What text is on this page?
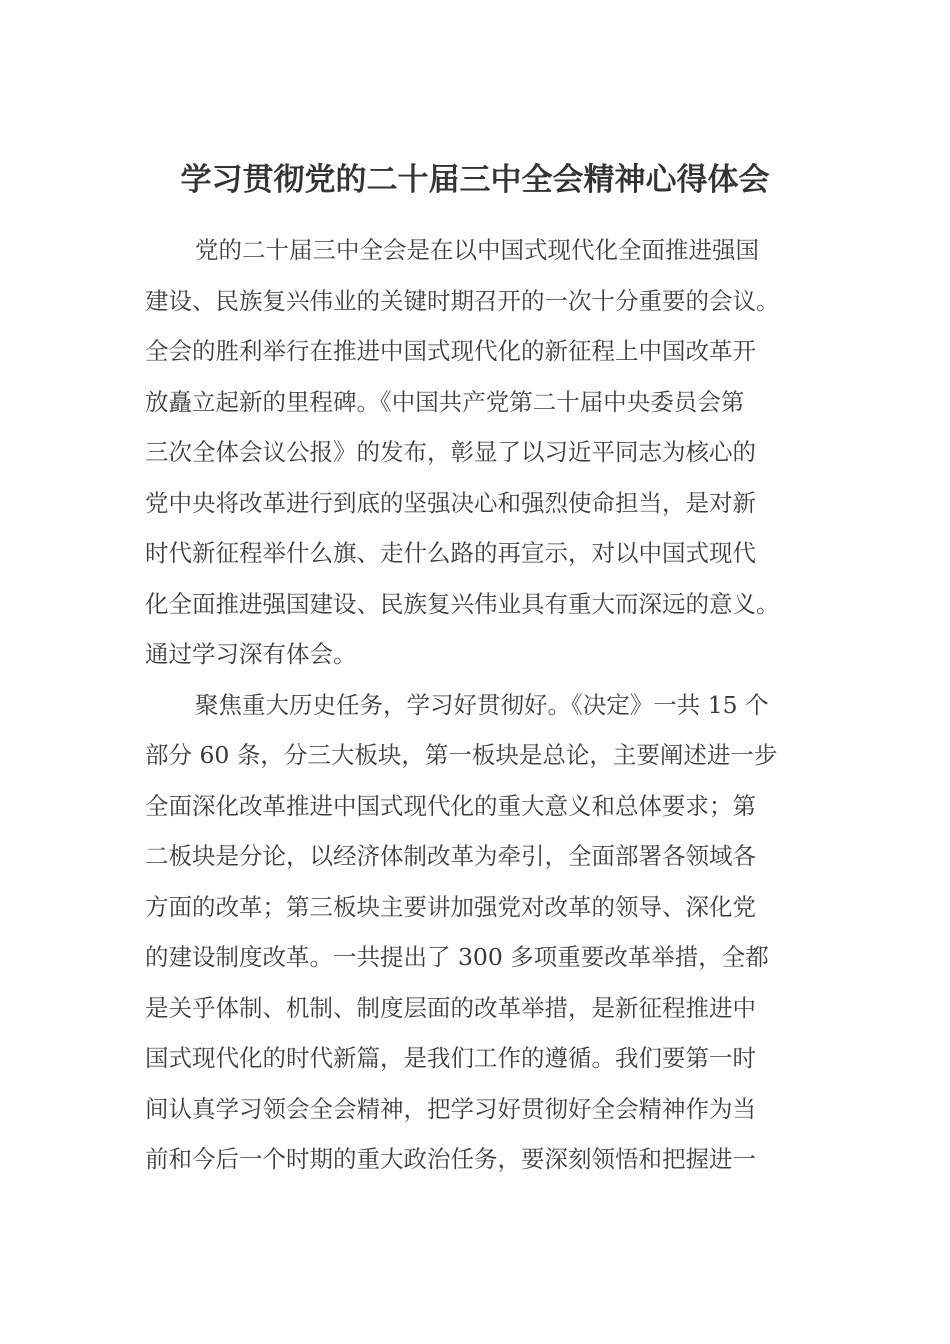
学习贯彻党的二十届三中全会精神心得体会
党的二十届三中全会是在以中国式现代化全面推进强国
建设、民族复兴伟业的关键时期召开的一次十分重要的会议。
全会的胜利举行在推进中国式现代化的新征程上中国改革开
放矗立起新的里程碑。《中国共产党第二十届中央委员会第
三次全体会议公报》的发布，彰显了以习近平同志为核心的
党中央将改革进行到底的坚强决心和强烈使命担当，是对新
时代新征程举什么旗、走什么路的再宣示，对以中国式现代
化全面推进强国建设、民族复兴伟业具有重大而深远的意义。
通过学习深有体会。
聚焦重大历史任务，学习好贯彻好。《决定》一共 15 个
部分 60 条，分三大板块，第一板块是总论，主要阐述进一步
全面深化改革推进中国式现代化的重大意义和总体要求；第
二板块是分论，以经济体制改革为牵引，全面部署各领域各
方面的改革；第三板块主要讲加强党对改革的领导、深化党
的建设制度改革。一共提出了 300 多项重要改革举措，全都
是关乎体制、机制、制度层面的改革举措，是新征程推进中
国式现代化的时代新篇，是我们工作的遵循。我们要第一时
间认真学习领会全会精神，把学习好贯彻好全会精神作为当
前和今后一个时期的重大政治任务，要深刻领悟和把握进一
